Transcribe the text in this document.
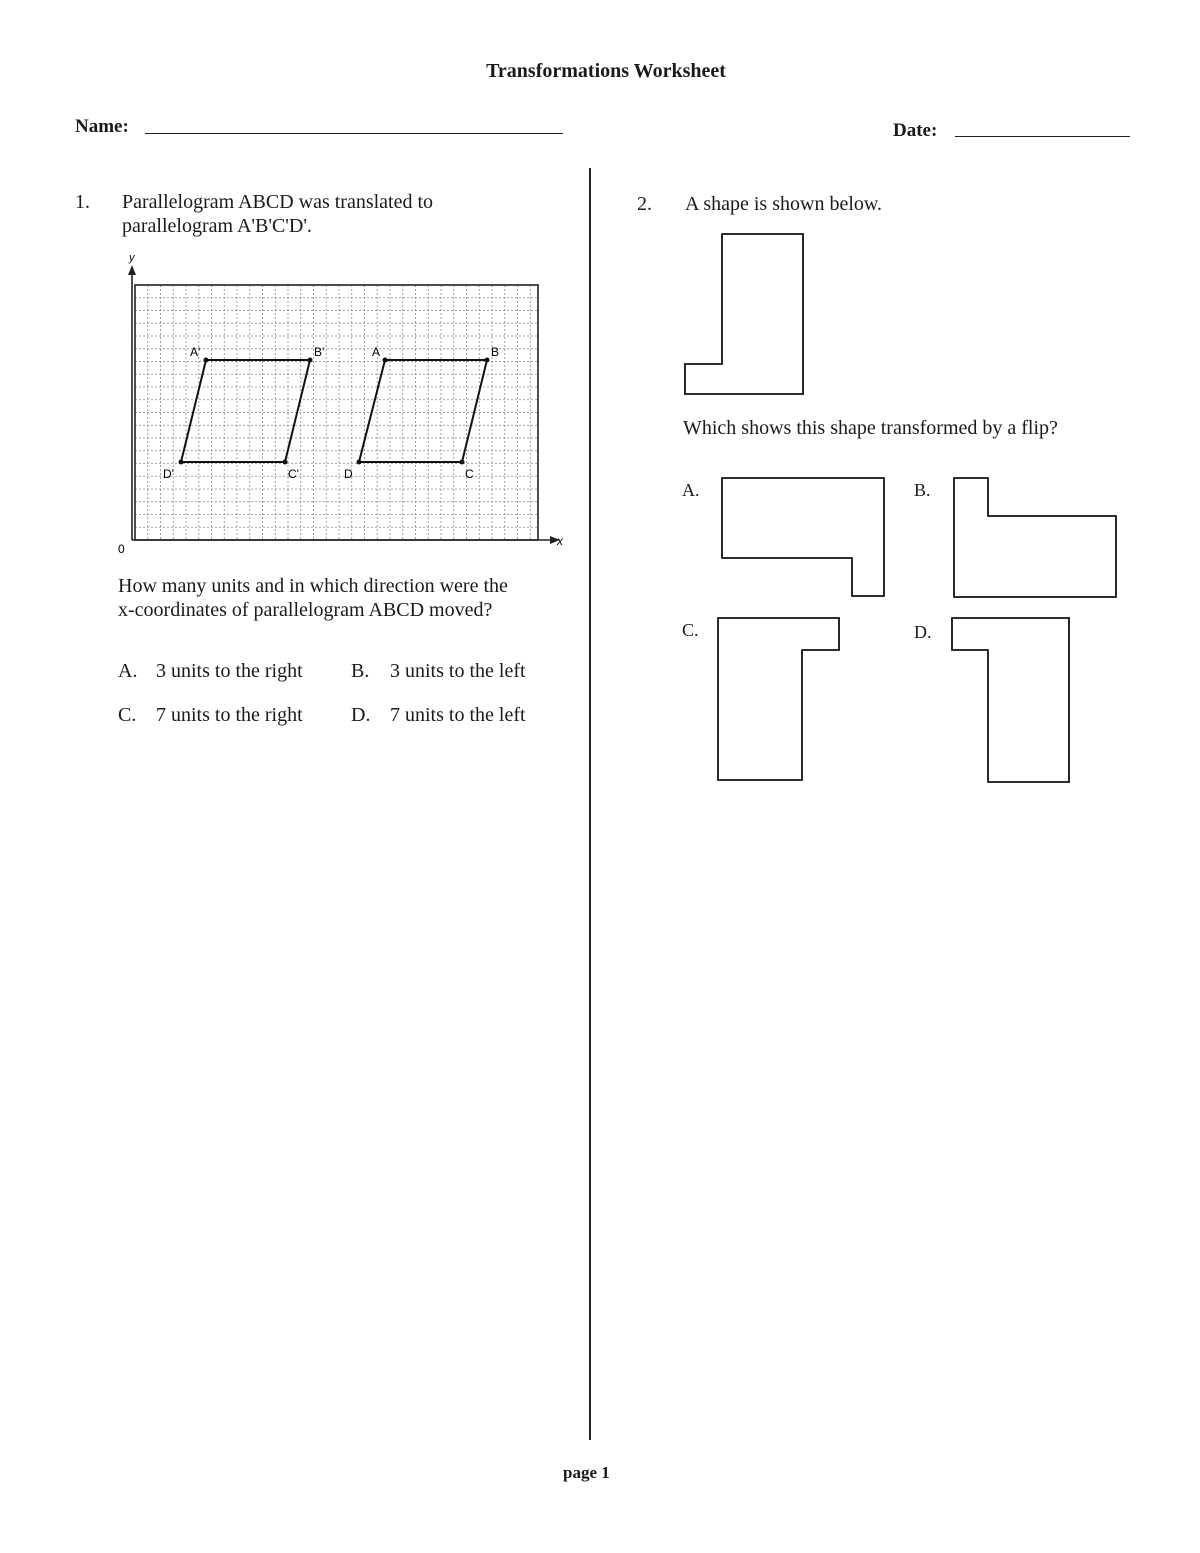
Transformations Worksheet
Name:	Date:
1. Parallelogram ABCD was translated to
parallelogram A'B'C'D'.
y
x
0
A'	B'
C'
D'
A	B
C
D
How many units and in which direction were the
x-coordinates of parallelogram ABCD moved?
A. 3 units to the right B. 3 units to the left
C. 7 units to the right D. 7 units to the left
2. A shape is shown below.
Which shows this shape transformed by a flip?
A.	B.
C.	D.
page 1
